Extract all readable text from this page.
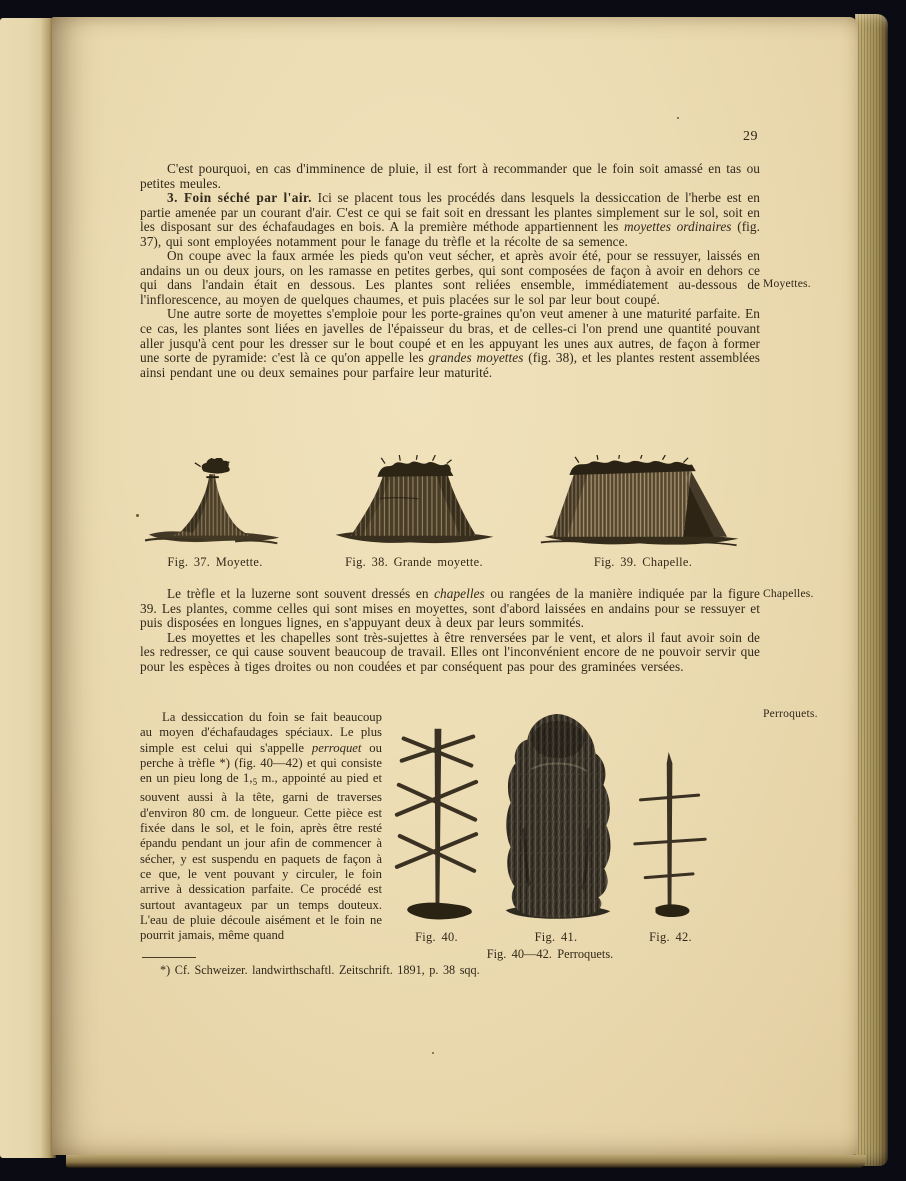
29

C'est pourquoi, en cas d'imminence de pluie, il est fort à recommander que le foin soit amassé en tas ou petites meules.

3. Foin séché par l'air. Ici se placent tous les procédés dans lesquels la dessiccation de l'herbe est en partie amenée par un courant d'air. C'est ce qui se fait soit en dressant les plantes simplement sur le sol, soit en les disposant sur des échafaudages en bois. A la première méthode appartiennent les moyettes ordinaires (fig. 37), qui sont employées notamment pour le fanage du trèfle et la récolte de sa semence.

On coupe avec la faux armée les pieds qu'on veut sécher, et après avoir été, pour se ressuyer, laissés en andains un ou deux jours, on les ramasse en petites gerbes, qui sont composées de façon à avoir en dehors ce qui dans l'andain était en dessous. Les plantes sont reliées ensemble, immédiatement au-dessous de l'inflorescence, au moyen de quelques chaumes, et puis placées sur le sol par leur bout coupé.

Une autre sorte de moyettes s'emploie pour les porte-graines qu'on veut amener à une maturité parfaite. En ce cas, les plantes sont liées en javelles de l'épaisseur du bras, et de celles-ci l'on prend une quantité pouvant aller jusqu'à cent pour les dresser sur le bout coupé et en les appuyant les unes aux autres, de façon à former une sorte de pyramide: c'est là ce qu'on appelle les grandes moyettes (fig. 38), et les plantes restent assemblées ainsi pendant une ou deux semaines pour parfaire leur maturité.

Fig. 37. Moyette.	Fig. 38. Grande moyette.	Fig. 39. Chapelle.

Le trèfle et la luzerne sont souvent dressés en chapelles ou rangées de la manière indiquée par la figure 39. Les plantes, comme celles qui sont mises en moyettes, sont d'abord laissées en andains pour se ressuyer et puis disposées en longues lignes, en s'appuyant deux à deux par leurs sommités.

Les moyettes et les chapelles sont très-sujettes à être renversées par le vent, et alors il faut avoir soin de les redresser, ce qui cause souvent beaucoup de travail. Elles ont l'inconvénient encore de ne pouvoir servir que pour les espèces à tiges droites ou non coudées et par conséquent pas pour des graminées versées.

La dessiccation du foin se fait beaucoup au moyen d'échafaudages spéciaux. Le plus simple est celui qui s'appelle perroquet ou perche à trèfle *) (fig. 40—42) et qui consiste en un pieu long de $1,_5$ m., appointé au pied et souvent aussi à la tête, garni de traverses d'environ 80 cm. de longueur. Cette pièce est fixée dans le sol, et le foin, après être resté épandu pendant un jour afin de commencer à sécher, y est suspendu en paquets de façon à ce que, le vent pouvant y circuler, le foin arrive à dessication parfaite. Ce procédé est surtout avantageux par un temps douteux. L'eau de pluie découle aisément et le foin ne pourrit jamais, même quand	Fig. 40.	Fig. 41.	Fig. 42.
Fig. 40—42. Perroquets.
*) Cf. Schweizer. landwirthschaftl. Zeitschrift. 1891, p. 38 sqq.
Moyettes.
Chapelles.
Perroquets.
